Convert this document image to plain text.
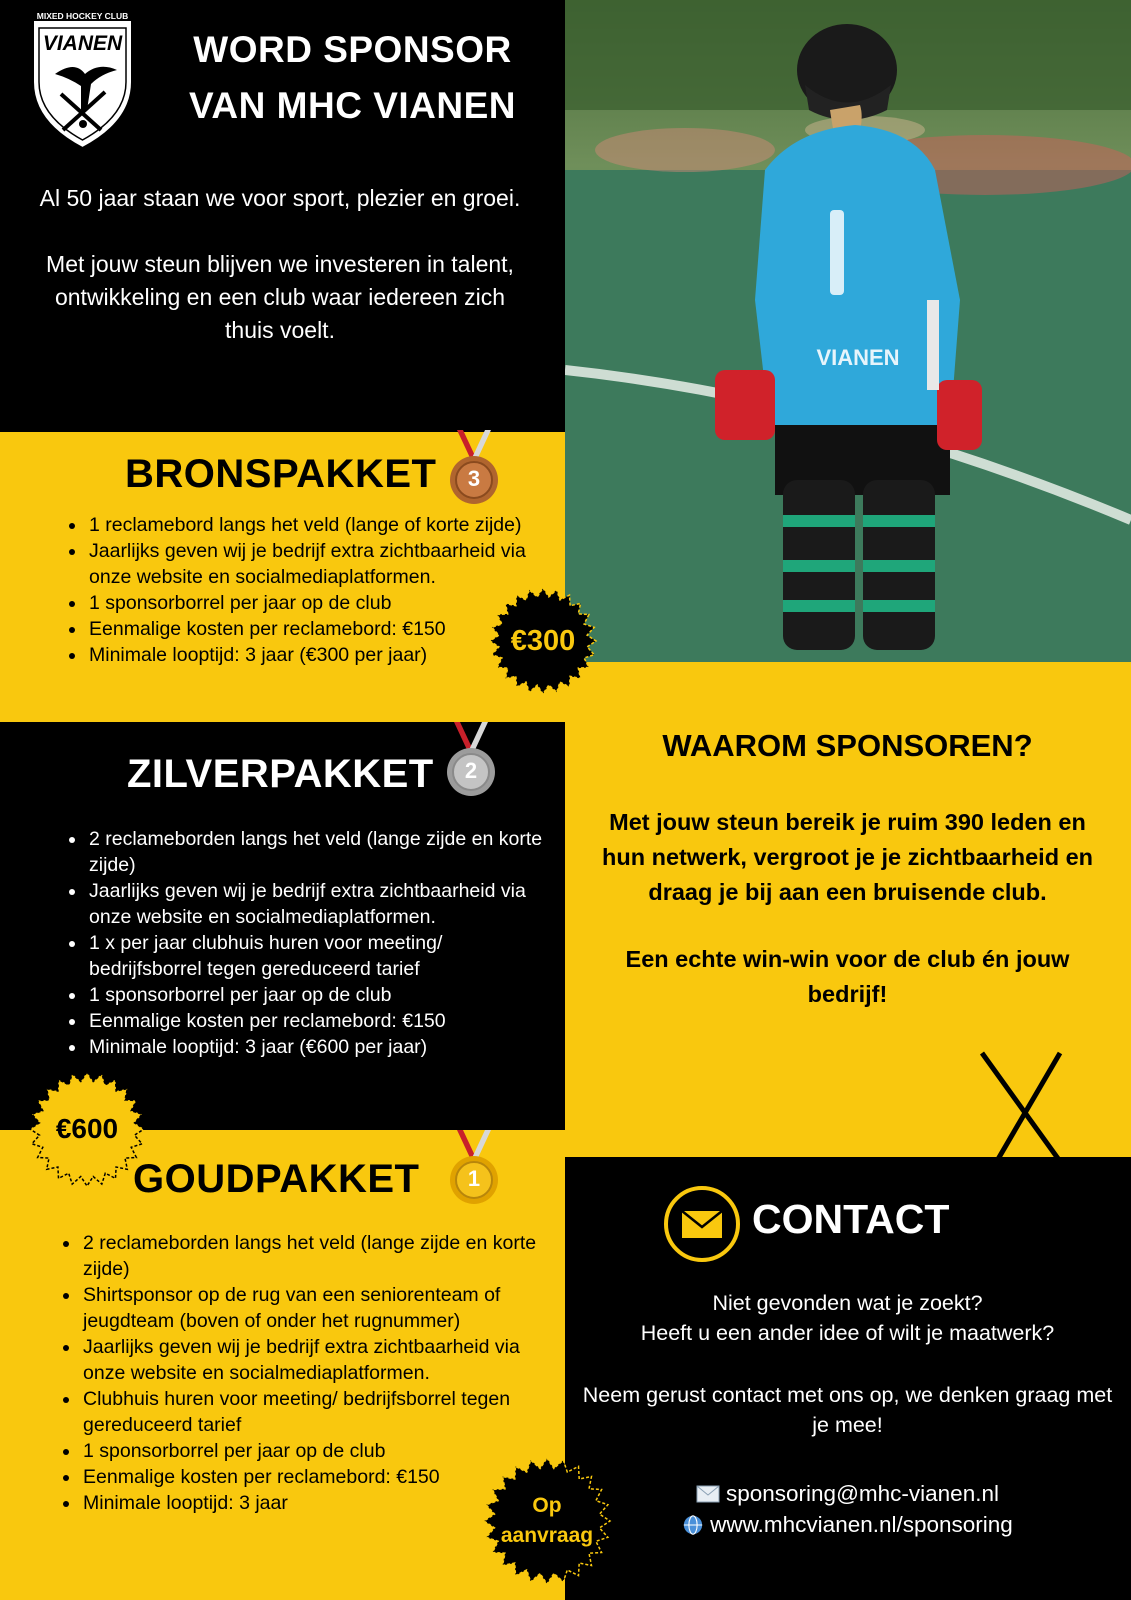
MIXED HOCKEY CLUB
VIANEN	WORD SPONSOR
VAN MHC VIANEN

Al 50 jaar staan we voor sport, plezier en groei.

Met jouw steun blijven we investeren in talent, ontwikkeling en een club waar iedereen zich thuis voelt.

VIANEN
BRONSPAKKET	3
• 1 reclamebord langs het veld (lange of korte zijde)
• Jaarlijks geven wij je bedrijf extra zichtbaarheid via onze website en socialmediaplatformen.
• 1 sponsorborrel per jaar op de club
• Eenmalige kosten per reclamebord: €150
• Minimale looptijd: 3 jaar (€300 per jaar)	€300
ZILVERPAKKET	2
• 2 reclameborden langs het veld (lange zijde en korte zijde)
• Jaarlijks geven wij je bedrijf extra zichtbaarheid via onze website en socialmediaplatformen.
• 1 x per jaar clubhuis huren voor meeting/ bedrijfsborrel tegen gereduceerd tarief
• 1 sponsorborrel per jaar op de club
• Eenmalige kosten per reclamebord: €150
• Minimale looptijd: 3 jaar (€600 per jaar)
€600
GOUDPAKKET	1
• 2 reclameborden langs het veld (lange zijde en korte zijde)
• Shirtsponsor op de rug van een seniorenteam of jeugdteam (boven of onder het rugnummer)
• Jaarlijks geven wij je bedrijf extra zichtbaarheid via onze website en socialmediaplatformen.
• Clubhuis huren voor meeting/ bedrijfsborrel tegen gereduceerd tarief
• 1 sponsorborrel per jaar op de club
• Eenmalige kosten per reclamebord: €150
• Minimale looptijd: 3 jaar	Op
aanvraag
WAAROM SPONSOREN?

Met jouw steun bereik je ruim 390 leden en hun netwerk, vergroot je je zichtbaarheid en draag je bij aan een bruisende club.

Een echte win-win voor de club én jouw bedrijf!

CONTACT

Niet gevonden wat je zoekt?
Heeft u een ander idee of wilt je maatwerk?

Neem gerust contact met ons op, we denken graag met je mee!

sponsoring@mhc-vianen.nl
www.mhcvianen.nl/sponsoring
